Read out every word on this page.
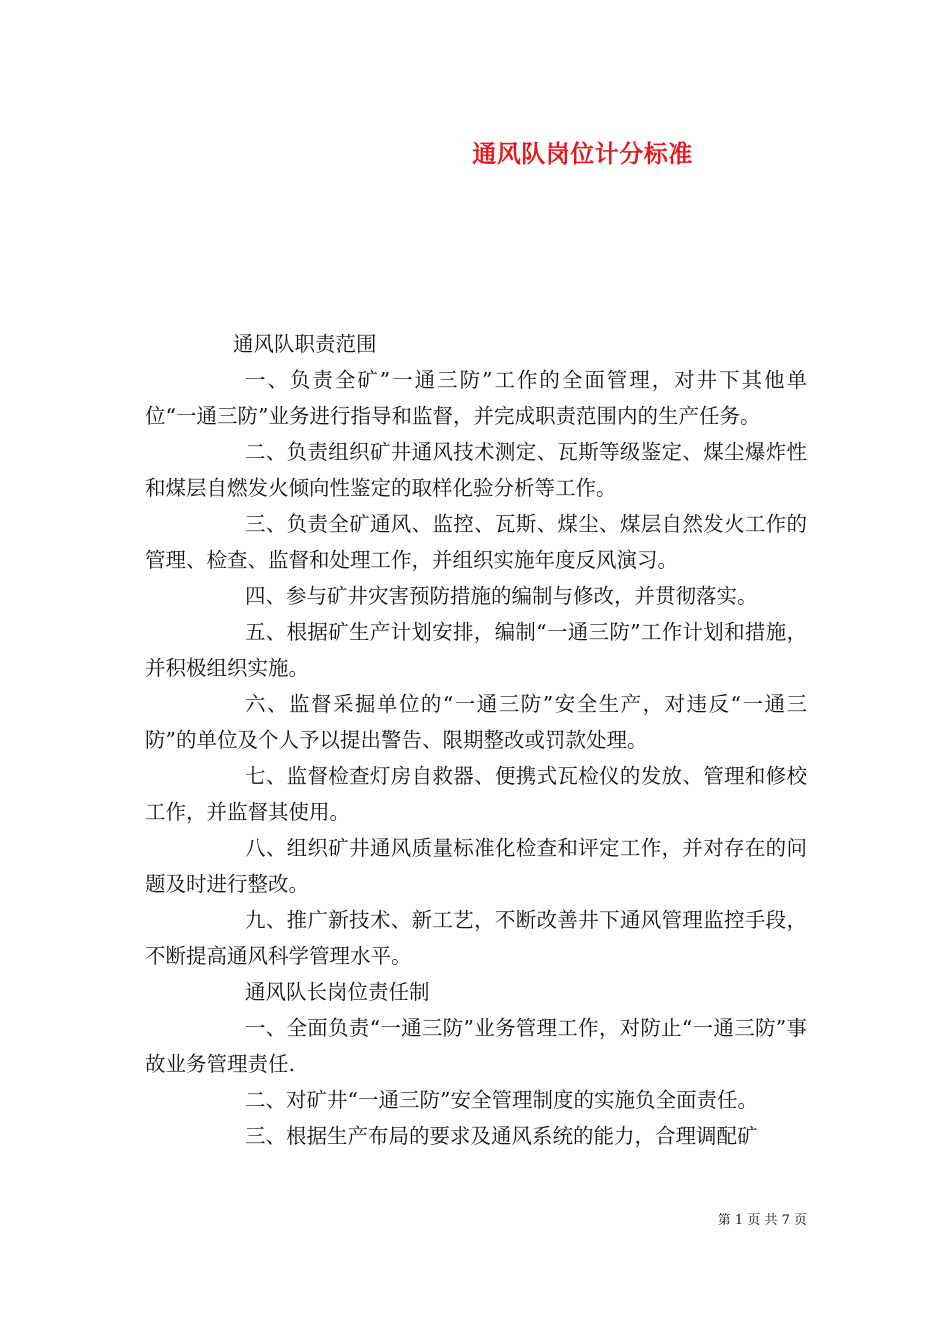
通风队岗位计分标准

通风队职责范围

一、负责全矿”一通三防”工作的全面管理，对井下其他单位“一通三防”业务进行指导和监督，并完成职责范围内的生产任务。

二、负责组织矿井通风技术测定、瓦斯等级鉴定、煤尘爆炸性和煤层自燃发火倾向性鉴定的取样化验分析等工作。

三、负责全矿通风、监控、瓦斯、煤尘、煤层自然发火工作的管理、检查、监督和处理工作，并组织实施年度反风演习。

四、参与矿井灾害预防措施的编制与修改，并贯彻落实。

五、根据矿生产计划安排，编制“一通三防”工作计划和措施，并积极组织实施。

六、监督采掘单位的“一通三防”安全生产，对违反“一通三防”的单位及个人予以提出警告、限期整改或罚款处理。

七、监督检查灯房自救器、便携式瓦检仪的发放、管理和修校工作，并监督其使用。

八、组织矿井通风质量标准化检查和评定工作，并对存在的问题及时进行整改。

九、推广新技术、新工艺，不断改善井下通风管理监控手段，不断提高通风科学管理水平。

通风队长岗位责任制

一、全面负责“一通三防”业务管理工作，对防止“一通三防”事故业务管理责任.

二、对矿井“一通三防”安全管理制度的实施负全面责任。

三、根据生产布局的要求及通风系统的能力，合理调配矿

第 1 页 共 7 页
